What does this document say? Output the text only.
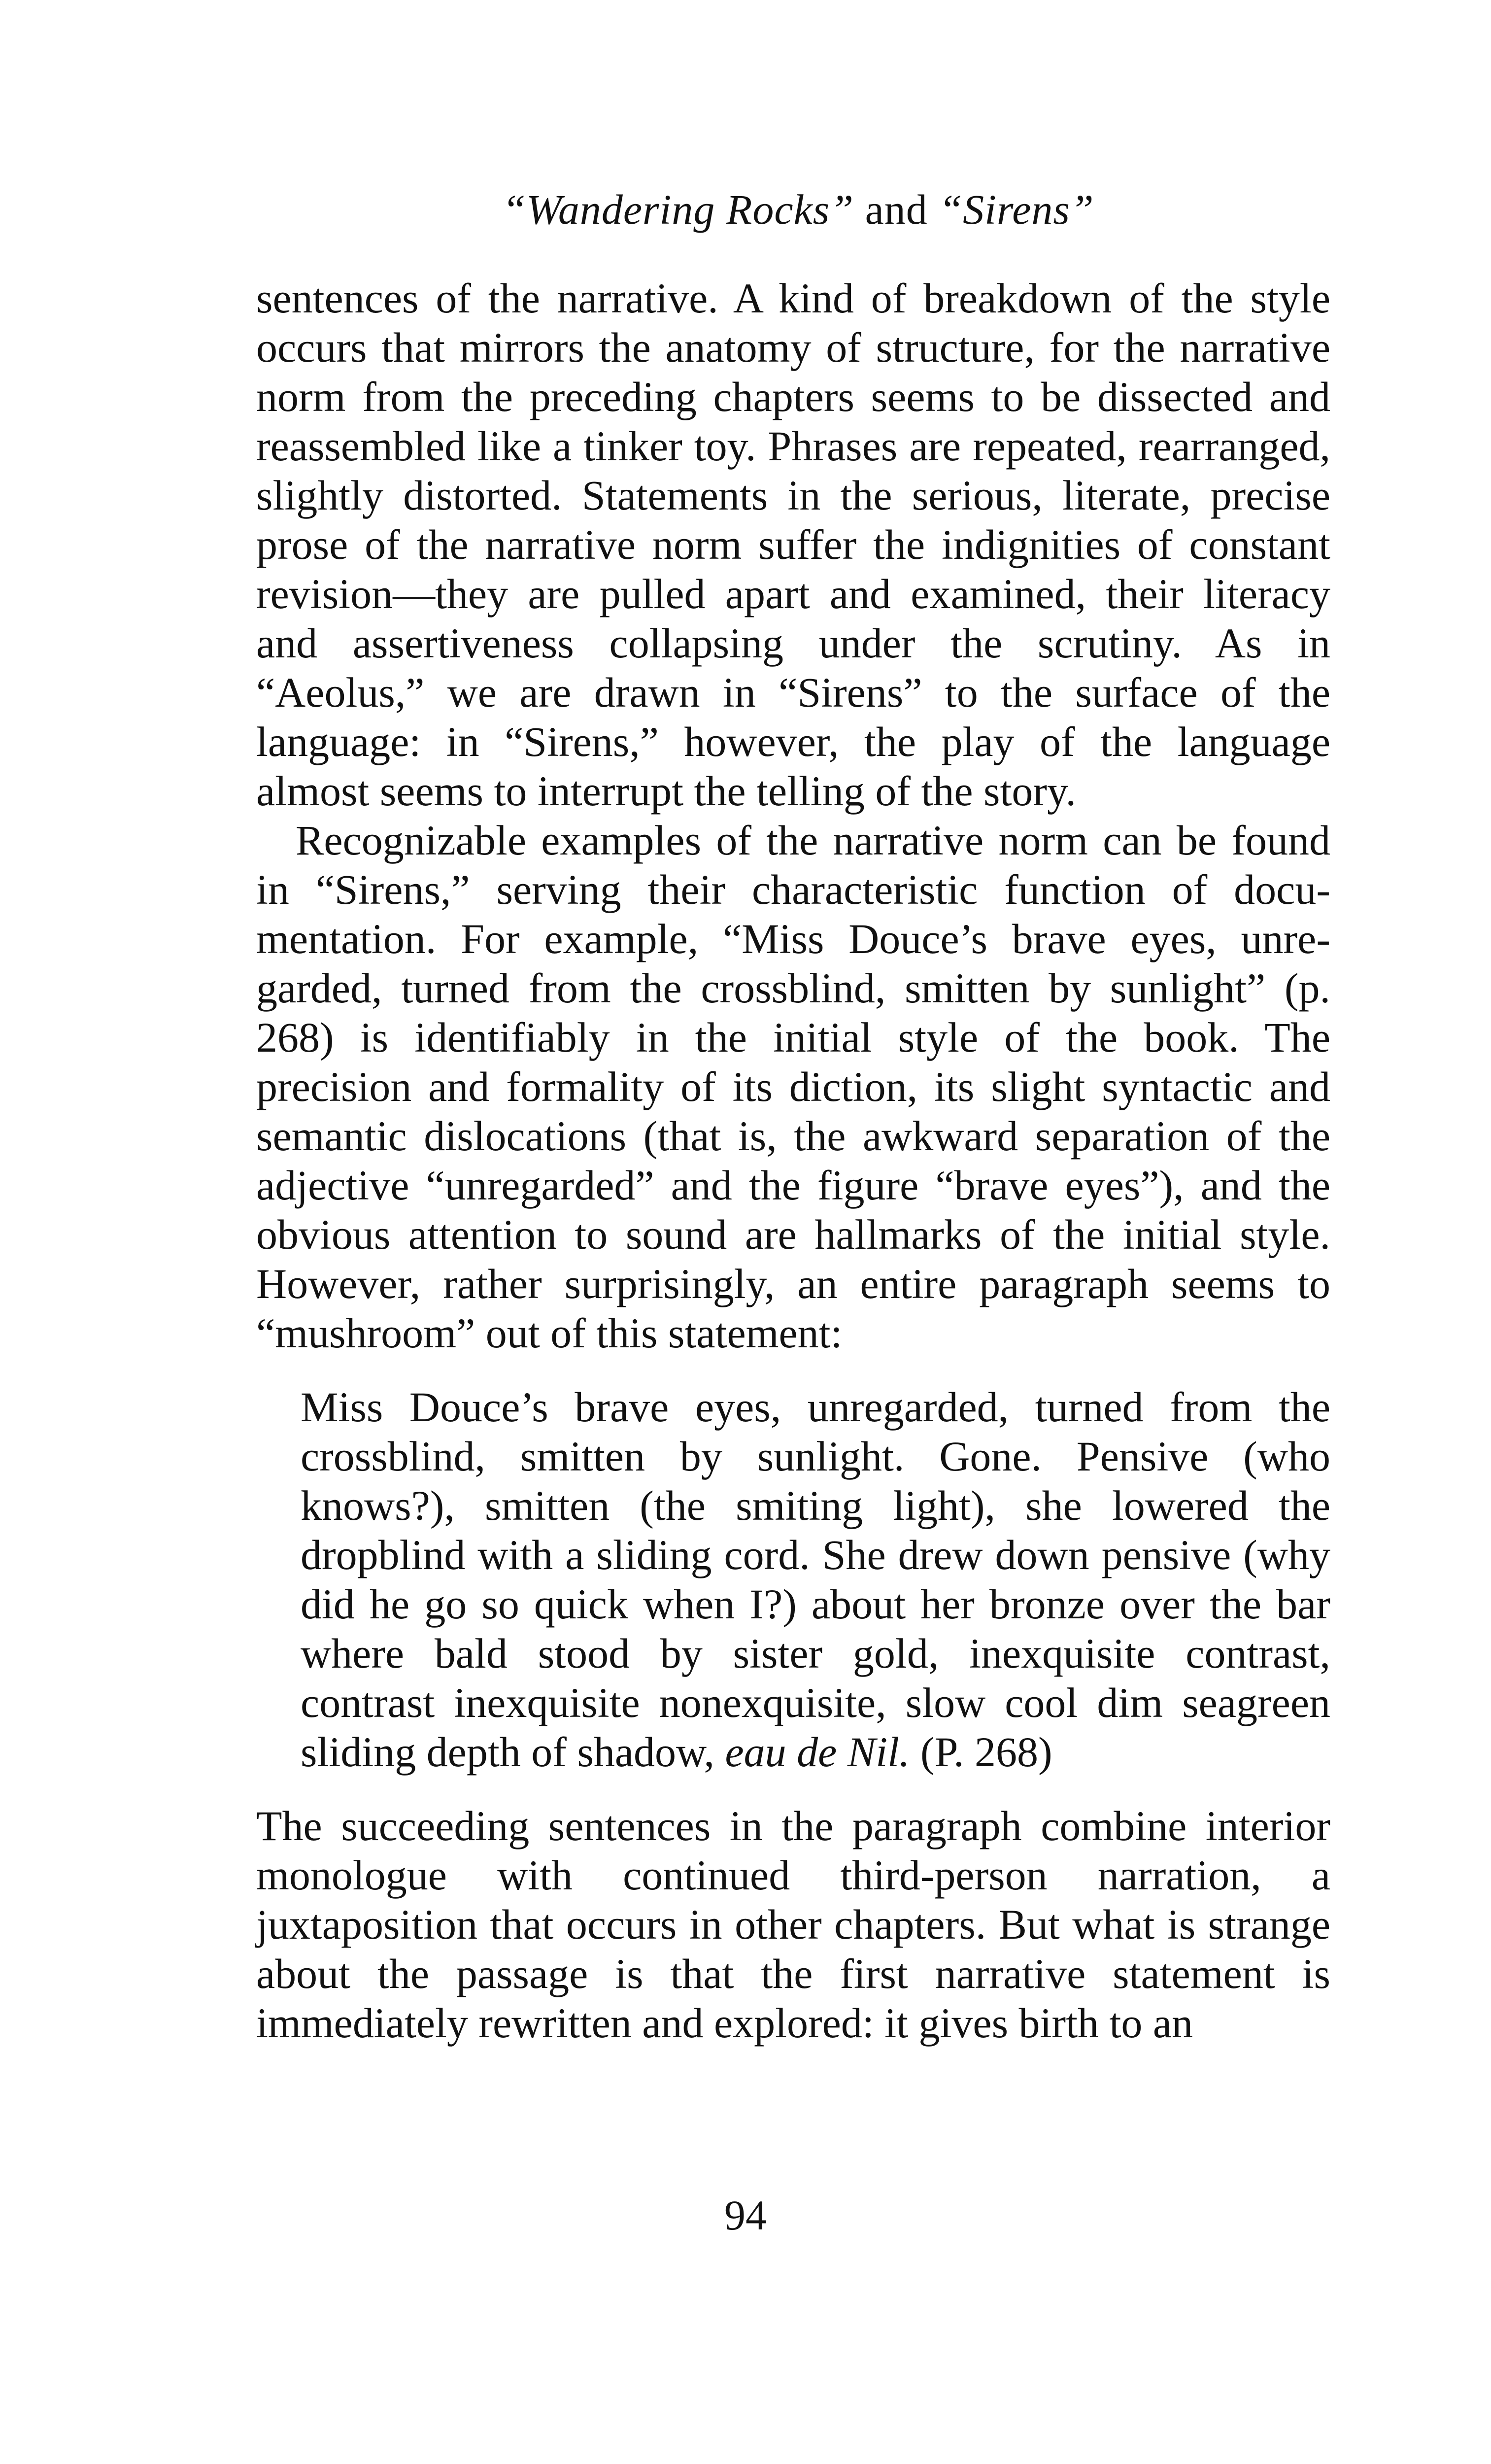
“Wandering Rocks” and “Sirens”

sentences of the narrative. A kind of breakdown of the style occurs that mirrors the anatomy of structure, for the narrative norm from the preceding chapters seems to be dissected and reassembled like a tinker toy. Phrases are repeated, rearranged, slightly distorted. Statements in the serious, literate, precise prose of the narrative norm suffer the indignities of constant revision—they are pulled apart and examined, their literacy and assertiveness collapsing under the scrutiny. As in “Aeolus,” we are drawn in “Sirens” to the surface of the language: in “Sirens,” however, the play of the language almost seems to interrupt the telling of the story.

Recognizable examples of the narrative norm can be found in “Sirens,” serving their characteristic function of documentation. For example, “Miss Douce’s brave eyes, unregarded, turned from the crossblind, smitten by sunlight” (p. 268) is identifiably in the initial style of the book. The precision and formality of its diction, its slight syntactic and semantic dislocations (that is, the awkward separation of the adjective “unregarded” and the figure “brave eyes”), and the obvious attention to sound are hallmarks of the initial style. However, rather surprisingly, an entire paragraph seems to “mushroom” out of this statement:

Miss Douce’s brave eyes, unregarded, turned from the crossblind, smitten by sunlight. Gone. Pensive (who knows?), smitten (the smiting light), she lowered the dropblind with a sliding cord. She drew down pensive (why did he go so quick when I?) about her bronze over the bar where bald stood by sister gold, inexquisite contrast, contrast inexquisite nonexquisite, slow cool dim seagreen sliding depth of shadow, eau de Nil. (P. 268)

The succeeding sentences in the paragraph combine interior monologue with continued third-person narration, a juxtaposition that occurs in other chapters. But what is strange about the passage is that the first narrative statement is immediately rewritten and explored: it gives birth to an

94
